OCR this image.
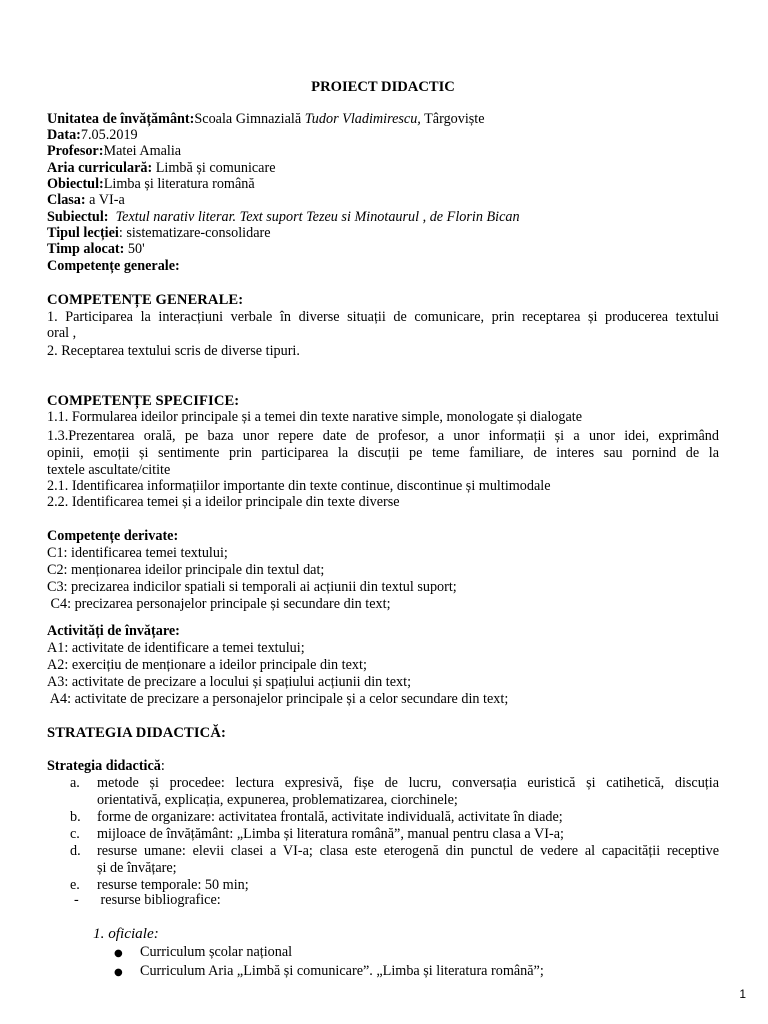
PROIECT DIDACTIC
Unitatea de învățământ:Scoala Gimnazială Tudor Vladimirescu, Târgoviște
Data:7.05.2019
Profesor:Matei Amalia
Aria curriculară: Limbă și comunicare
Obiectul:Limba și literatura română
Clasa: a VI-a
Subiectul:  Textul narativ literar. Text suport Tezeu si Minotaurul , de Florin Bican
Tipul lecției: sistematizare-consolidare
Timp alocat: 50'
Competențe generale:
COMPETENȚE GENERALE:
1. Participarea la interacțiuni verbale în diverse situații de comunicare, prin receptarea și producerea textului
oral ,
2. Receptarea textului scris de diverse tipuri.
COMPETENȚE SPECIFICE:
1.1. Formularea ideilor principale și a temei din texte narative simple, monologate și dialogate
1.3.Prezentarea orală, pe baza unor repere date de profesor, a unor informații și a unor idei, exprimând
opinii, emoții și sentimente prin participarea la discuții pe teme familiare, de interes sau pornind de la
textele ascultate/citite
2.1. Identificarea informațiilor importante din texte continue, discontinue și multimodale
2.2. Identificarea temei și a ideilor principale din texte diverse
Competențe derivate:
C1: identificarea temei textului;
C2: menționarea ideilor principale din textul dat;
C3: precizarea indicilor spatiali si temporali ai acțiunii din textul suport;
C4: precizarea personajelor principale și secundare din text;
Activități de învățare:
A1: activitate de identificare a temei textului;
A2: exercițiu de menționare a ideilor principale din text;
A3: activitate de precizare a locului și spațiului acțiunii din text;
A4: activitate de precizare a personajelor principale și a celor secundare din text;
STRATEGIA DIDACTICĂ:
Strategia didactică:
a. metode și procedee: lectura expresivă, fișe de lucru, conversația euristică și catihetică, discuția
orientativă, explicația, expunerea, problematizarea, ciorchinele;
b. forme de organizare: activitatea frontală, activitate individuală, activitate în diade;
c. mijloace de învățământ: „Limba și literatura română”, manual pentru clasa a VI-a;
d. resurse umane: elevii clasei a VI-a; clasa este eterogenă din punctul de vedere al capacității receptive
și de învățare;
e. resurse temporale: 50 min;
- resurse bibliografice:
1. oficiale:
● Curriculum școlar național
● Curriculum Aria „Limbă și comunicare”. „Limba și literatura română”;
1
